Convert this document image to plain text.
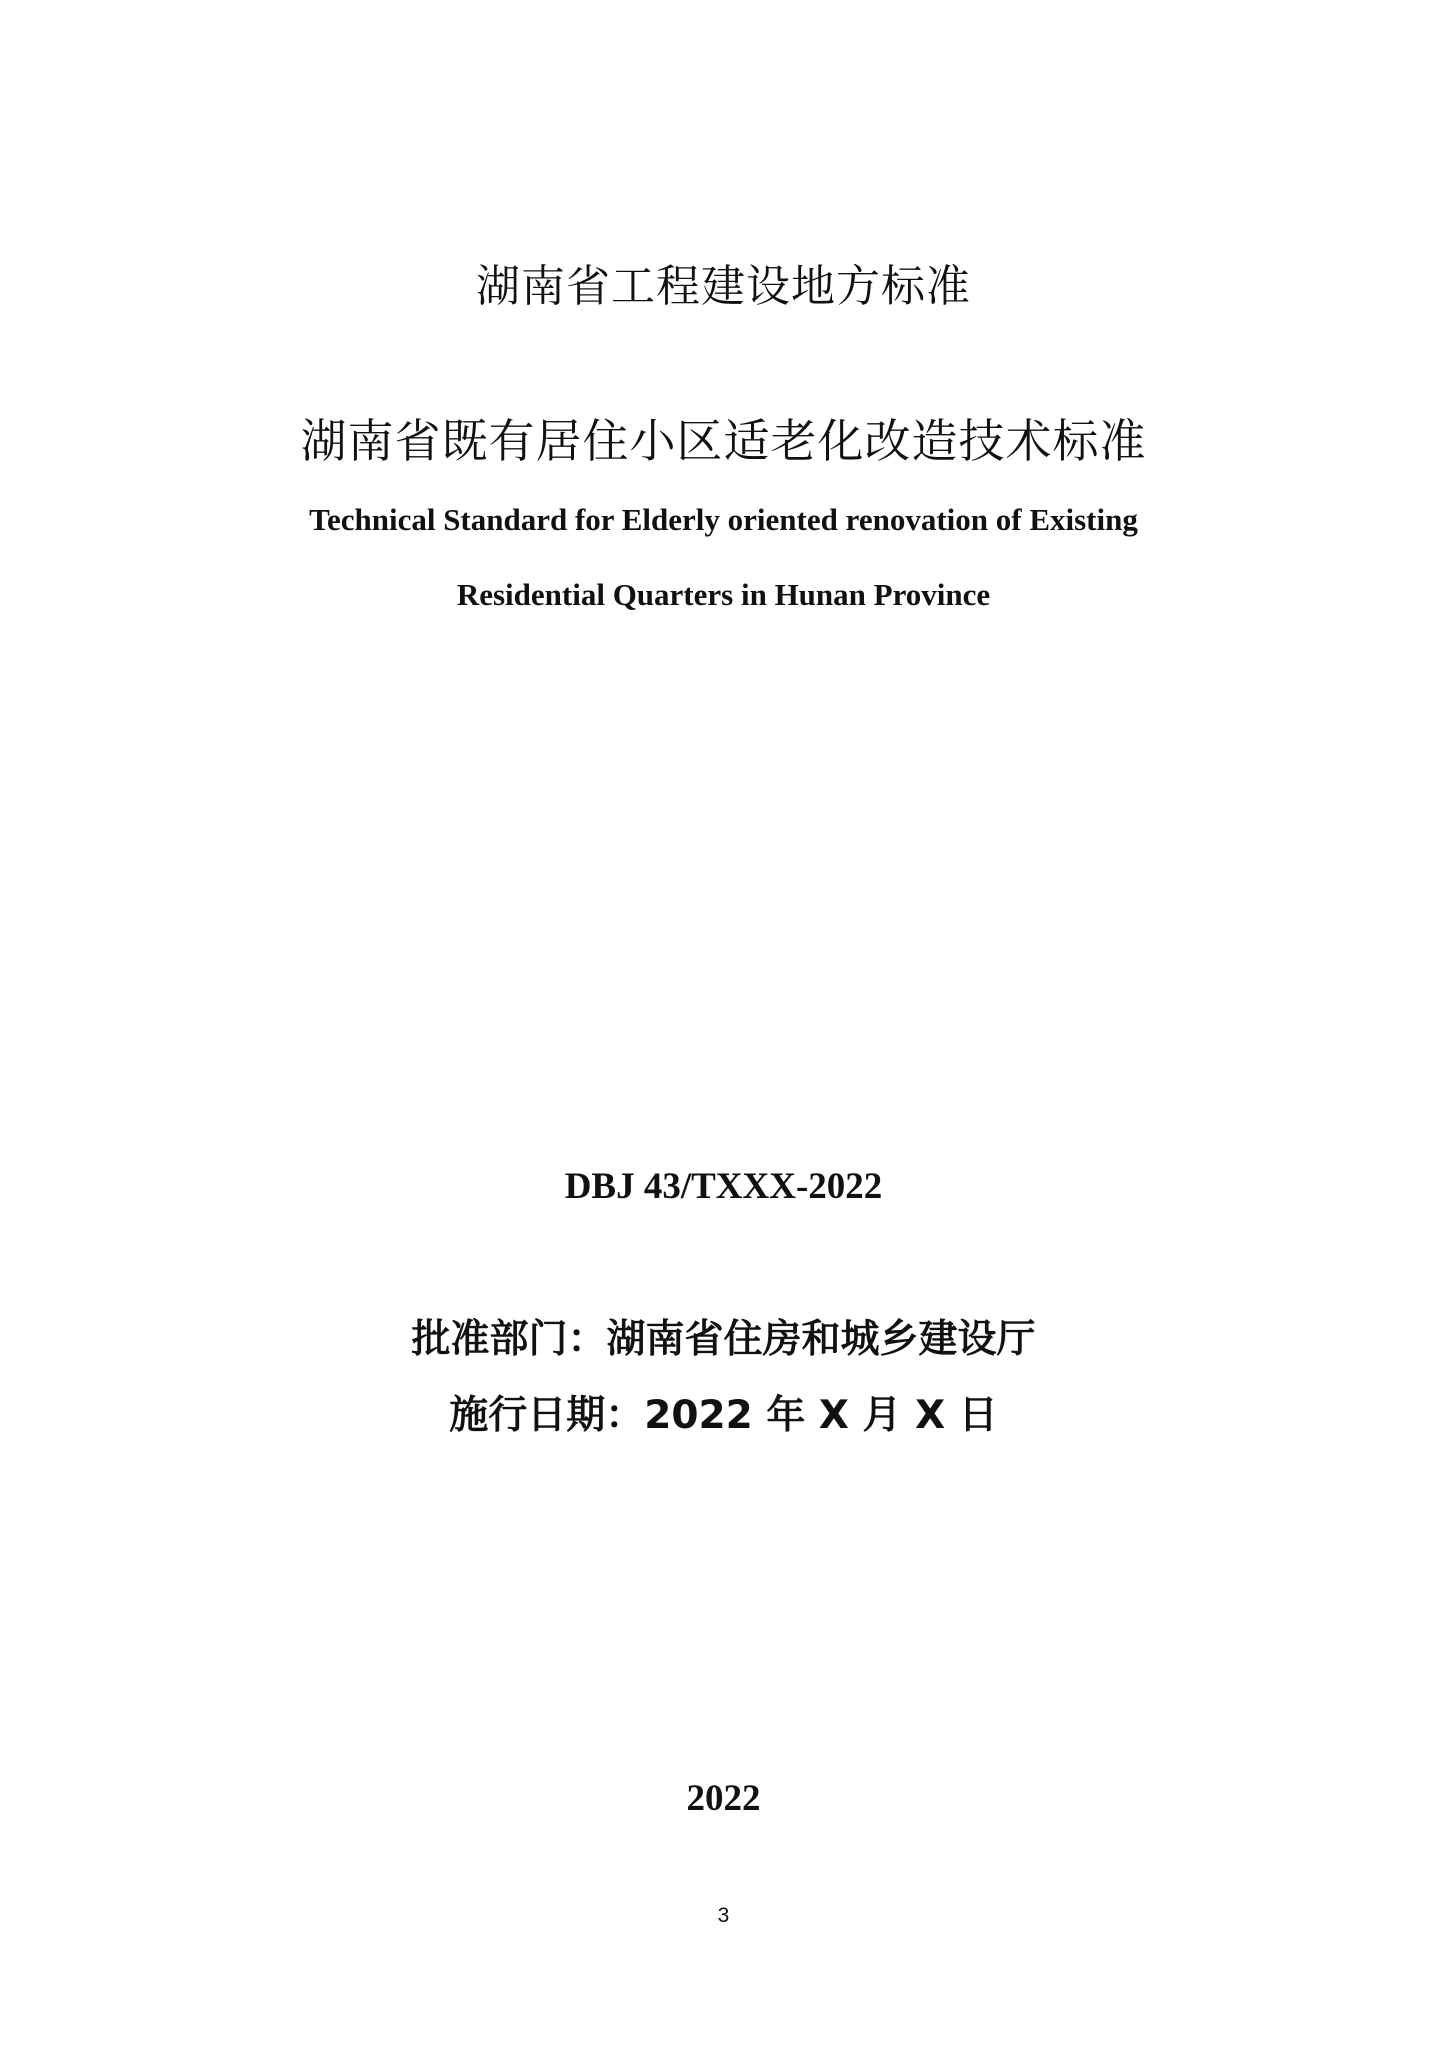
湖南省工程建设地方标准
湖南省既有居住小区适老化改造技术标准
Technical Standard for Elderly oriented renovation of Existing
Residential Quarters in Hunan Province
DBJ 43/TXXX-2022
批准部门：湖南省住房和城乡建设厅
施行日期：2022 年 X 月 X 日
2022
3
